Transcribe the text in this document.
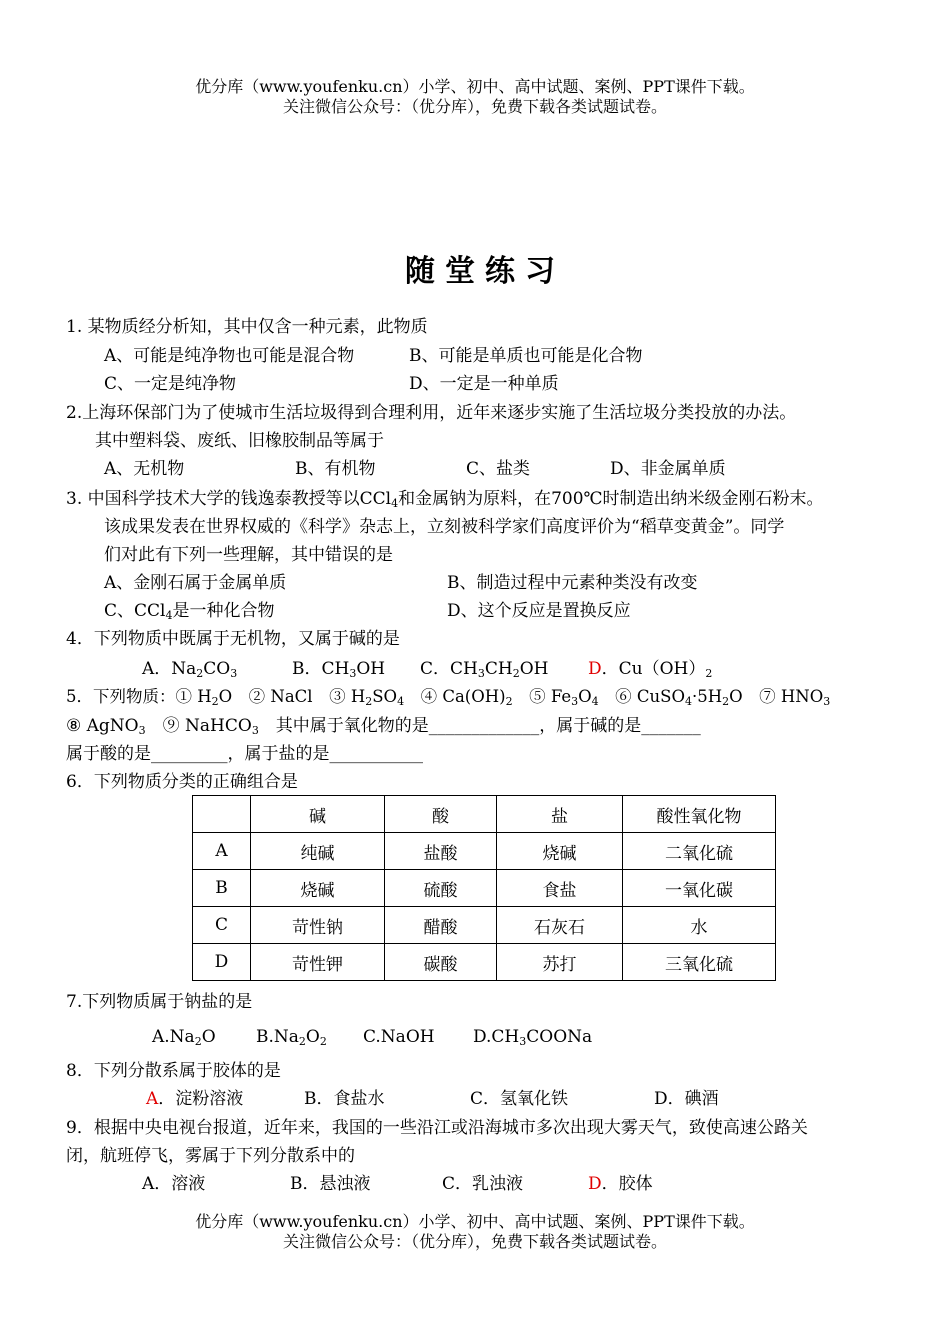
优分库（www.youfenku.cn）小学、初中、高中试题、案例、PPT课件下载。
关注微信公众号：（优分库），免费下载各类试题试卷。
随堂练习
1. 某物质经分析知，其中仅含一种元素，此物质
A、可能是纯净物也可能是混合物	B、可能是单质也可能是化合物
C、一定是纯净物	D、一定是一种单质
2.上海环保部门为了使城市生活垃圾得到合理利用，近年来逐步实施了生活垃圾分类投放的办法。
其中塑料袋、废纸、旧橡胶制品等属于
A、无机物	B、有机物	C、盐类	D、非金属单质
3. 中国科学技术大学的钱逸泰教授等以CCl$_4$和金属钠为原料，在700℃时制造出纳米级金刚石粉末。
该成果发表在世界权威的《科学》杂志上，立刻被科学家们高度评价为“稻草变黄金”。同学
们对此有下列一些理解，其中错误的是
A、金刚石属于金属单质	B、制造过程中元素种类没有改变
C、CCl$_4$是一种化合物	D、这个反应是置换反应
4．下列物质中既属于无机物，又属于碱的是
A．$Na_2CO_3$	B．$CH_3OH$ C．$CH_3CH_2OH$ D．$Cu(OH)_2$
5．下列物质：① $H_2O$　② NaCl　③ $H_2SO_4$　④ $Ca(OH)_2$　⑤ $Fe_3O_4$　⑥ $CuSO_4\cdot 5H_2O$　⑦ $HNO_3$
⑧ AgNO$_3$　⑨ NaHCO$_3$　其中属于氧化物的是_____________，属于碱的是_______
属于酸的是_________，属于盐的是___________
6．下列物质分类的正确组合是
	碱	酸	盐	酸性氧化物
A	纯碱	盐酸	烧碱	二氧化硫
B	烧碱	硫酸	食盐	一氧化碳
C	苛性钠	醋酸	石灰石	水
D	苛性钾	碳酸	苏打	三氧化硫
7.下列物质属于钠盐的是
$A.Na_2O$ $B.Na_2O_2$ C.NaOH $D.CH_3COONa$
8．下列分散系属于胶体的是
A．淀粉溶液	B．食盐水	C．氢氧化铁	D．碘酒
9．根据中央电视台报道，近年来，我国的一些沿江或沿海城市多次出现大雾天气，致使高速公路关
闭，航班停飞，雾属于下列分散系中的
A．溶液	B．悬浊液	C．乳浊液	D．胶体
优分库（www.youfenku.cn）小学、初中、高中试题、案例、PPT课件下载。
关注微信公众号：（优分库），免费下载各类试题试卷。
